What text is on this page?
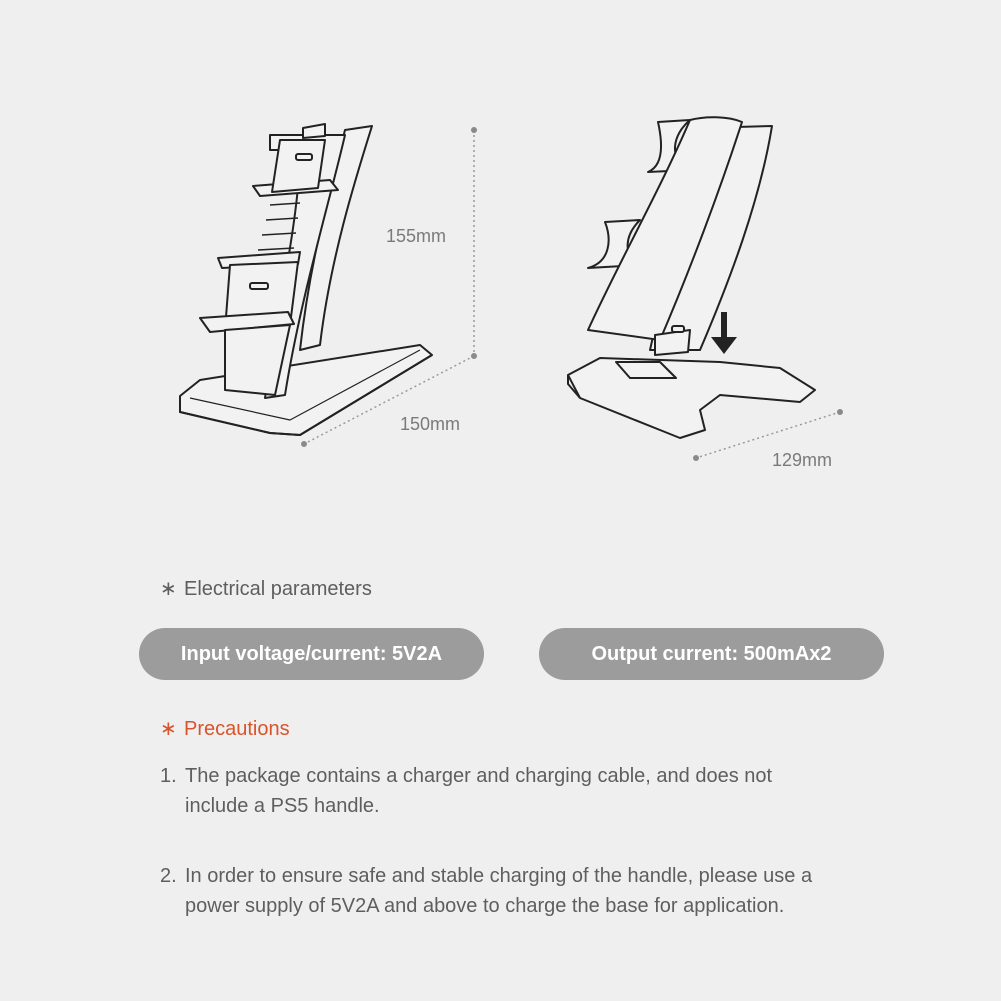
155mm
150mm
129mm
∗ Electrical parameters
Input voltage/current: 5V2A	Output current: 500mAx2
∗ Precautions
1. The package contains a charger and charging cable, and does not include a PS5 handle.
2. In order to ensure safe and stable charging of the handle, please use a power supply of 5V2A and above to charge the base for application.
